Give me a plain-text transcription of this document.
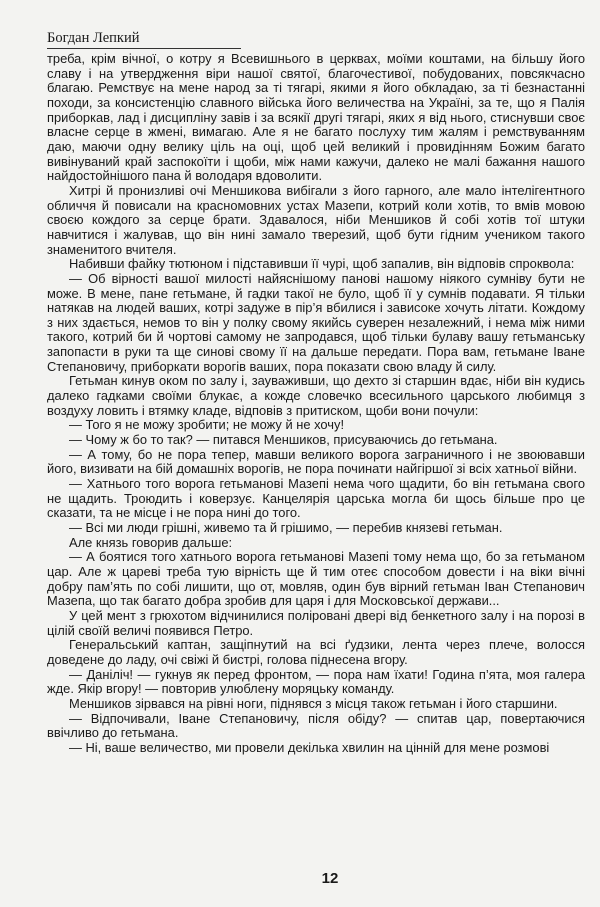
Богдан Лепкий

треба, крім вічної, о котру я Всевишнього в церквах, моїми коштами, на більшу його славу і на утвердження віри нашої святої, благочестивої, побудованих, повсякчасно благаю. Ремствує на мене народ за ті тягарі, якими я його обкладаю, за ті безнастанні походи, за консистенцію славного війська його величества на Україні, за те, що я Палія приборкав, лад і дисципліну завів і за всякії другі тягарі, яких я від нього, стиснувши своє власне серце в жмені, вимагаю. Але я не багато послуху тим жалям і ремствуванням даю, маючи одну велику ціль на оці, щоб цей великий і провидінням Божим багато вивінуваний край заспокоїти і щоби, між нами кажучи, далеко не малі бажання нашого найдостойнішого пана й володаря вдоволити.

Хитрі й пронизливі очі Меншикова вибігали з його гарного, але мало інтелігентного обличчя й повисали на красномовних устах Мазепи, котрий коли хотів, то вмів мовою своєю кождого за серце брати. Здавалося, ніби Меншиков й собі хотів тої штуки навчитися і жалував, що він нині замало тверезий, щоб бути гідним учеником такого знаменитого вчителя.

Набивши файку тютюном і підставивши її чурі, щоб запалив, він відповів спроквола:

— Об вірності вашої милості найяснішому панові нашому ніякого сумніву бути не може. В мене, пане гетьмане, й гадки такої не було, щоб її у сумнів подавати. Я тільки натякав на людей ваших, котрі задуже в пір’я вбилися і зависоке хочуть літати. Кождому з них здається, немов то він у полку свому якийсь суверен незалежний, і нема між ними такого, котрий би й чортові самому не запродався, щоб тільки булаву вашу гетьманську запопасти в руки та ще синові свому її на дальше передати. Пора вам, гетьмане Іване Степановичу, приборкати ворогів ваших, пора показати свою владу й силу.

Гетьман кинув оком по залу і, зауваживши, що дехто зі старшин вдає, ніби він кудись далеко гадками своїми блукає, а кожде словечко всесильного царського любимця з воздуху ловить і втямку кладе, відповів з притиском, щоби вони почули:

— Того я не можу зробити; не можу й не хочу!

— Чому ж бо то так? — питався Меншиков, присуваючись до гетьмана.

— А тому, бо не пора тепер, мавши великого ворога заграничного і не звоювавши його, визивати на бій домашніх ворогів, не пора починати найгіршої зі всіх хатньої війни.

— Хатнього того ворога гетьманові Мазепі нема чого щадити, бо він гетьмана свого не щадить. Троюдить і коверзує. Канцелярія царська могла би щось більше про це сказати, та не місце і не пора нині до того.

— Всі ми люди грішні, живемо та й грішимо, — перебив князеві гетьман.

Але князь говорив дальше:

— А боятися того хатнього ворога гетьманові Мазепі тому нема що, бо за гетьманом цар. Але ж цареві треба тую вірність ще й тим отеє способом довести і на віки вічні добру пам’ять по собі лишити, що от, мовляв, один був вірний гетьман Іван Степанович Мазепа, що так багато добра зробив для царя і для Московської держави...

У цей мент з грюхотом відчинилися поліровані двері від бенкетного залу і на порозі в цілій своїй величі появився Петро.

Генеральський каптан, защіпнутий на всі ґудзики, лента через плече, волосся доведене до ладу, очі свіжі й бистрі, голова піднесена вгору.

— Даніліч! — гукнув як перед фронтом, — пора нам їхати! Година п’ята, моя галера жде. Якір вгору! — повторив улюблену моряцьку команду.

Меншиков зірвався на рівні ноги, піднявся з місця також гетьман і його старшини.

— Відпочивали, Іване Степановичу, після обіду? — спитав цар, повертаючися ввічливо до гетьмана.

— Ні, ваше величество, ми провели декілька хвилин на цінній для мене розмові

12
